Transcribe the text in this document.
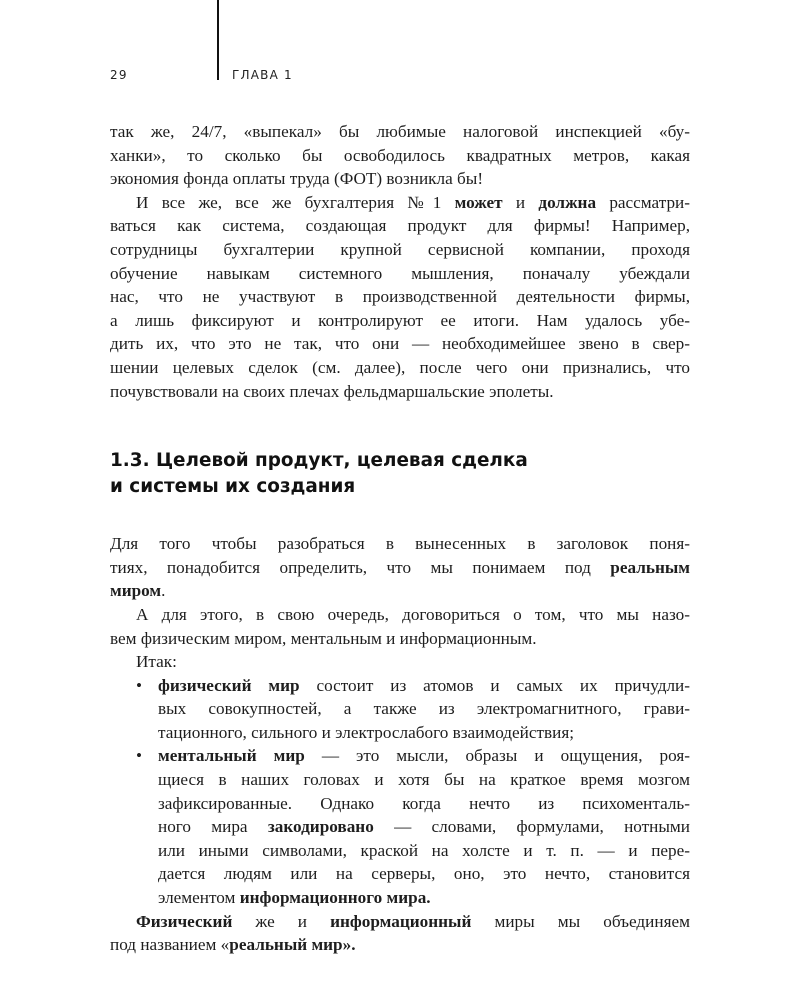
29	ГЛАВА 1

так же, 24/7, «выпекал» бы любимые налоговой инспекцией «бу-
ханки», то сколько бы освободилось квадратных метров, какая
экономия фонда оплаты труда (ФОТ) возникла бы!

И все же, все же бухгалтерия №1 может и должна рассматри-
ваться как система, создающая продукт для фирмы! Например,
сотрудницы бухгалтерии крупной сервисной компании, проходя
обучение навыкам системного мышления, поначалу убеждали
нас, что не участвуют в производственной деятельности фирмы,
а лишь фиксируют и контролируют ее итоги. Нам удалось убе-
дить их, что это не так, что они — необходимейшее звено в свер-
шении целевых сделок (см. далее), после чего они признались, что
почувствовали на своих плечах фельдмаршальские эполеты.

1.3. Целевой продукт, целевая сделка
и системы их создания

Для того чтобы разобраться в вынесенных в заголовок поня-
тиях, понадобится определить, что мы понимаем под реальным
миром.

А для этого, в свою очередь, договориться о том, что мы назо-
вем физическим миром, ментальным и информационным.

Итак:

• физический мир состоит из атомов и самых их причудли-
вых совокупностей, а также из электромагнитного, грави-
тационного, сильного и электрослабого взаимодействия;
• ментальный мир — это мысли, образы и ощущения, роя-
щиеся в наших головах и хотя бы на краткое время мозгом
зафиксированные. Однако когда нечто из психоменталь-
ного мира закодировано — словами, формулами, нотными
или иными символами, краской на холсте и т. п. — и пере-
дается людям или на серверы, оно, это нечто, становится
элементом информационного мира.

Физический же и информационный миры мы объединяем
под названием «реальный мир».
